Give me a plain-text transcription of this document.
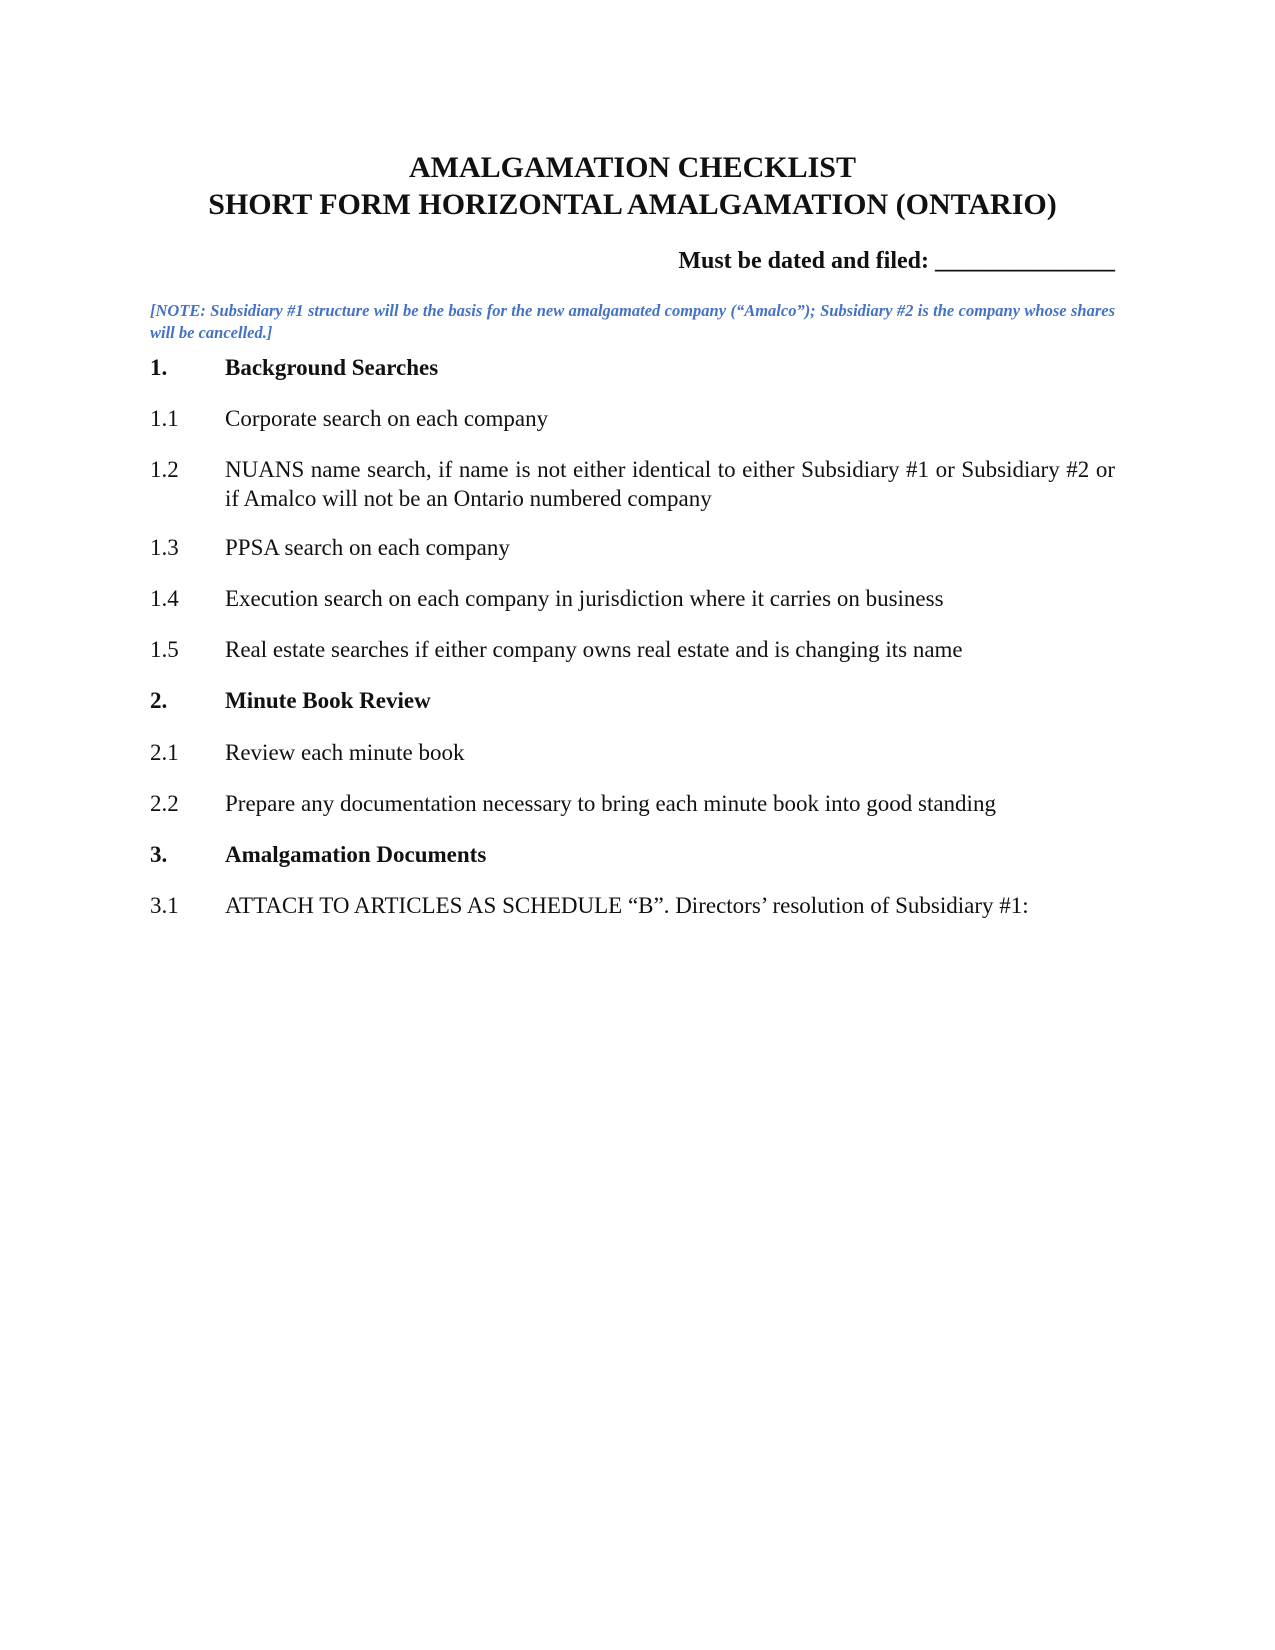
AMALGAMATION CHECKLIST
SHORT FORM HORIZONTAL AMALGAMATION (ONTARIO)
Must be dated and filed: _______________
[NOTE: Subsidiary #1 structure will be the basis for the new amalgamated company (“Amalco”); Subsidiary #2 is the company whose shares will be cancelled.]
1.	Background Searches
1.1	Corporate search on each company
1.2	NUANS name search, if name is not either identical to either Subsidiary #1 or Subsidiary #2 or if Amalco will not be an Ontario numbered company
1.3	PPSA search on each company
1.4	Execution search on each company in jurisdiction where it carries on business
1.5	Real estate searches if either company owns real estate and is changing its name
2.	Minute Book Review
2.1	Review each minute book
2.2	Prepare any documentation necessary to bring each minute book into good standing
3.	Amalgamation Documents
3.1	ATTACH TO ARTICLES AS SCHEDULE “B”. Directors’ resolution of Subsidiary #1:
